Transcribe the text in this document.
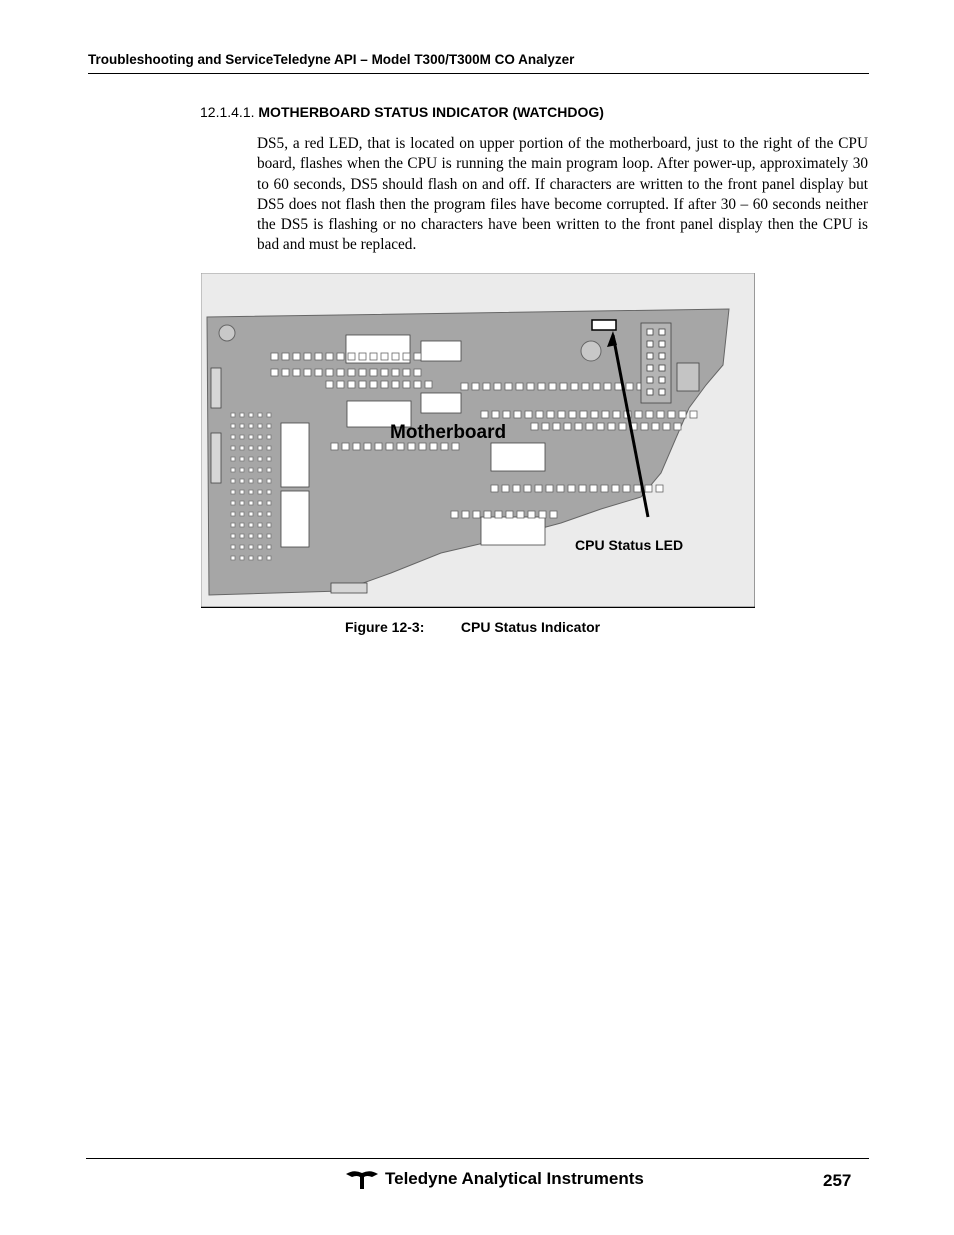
Troubleshooting and ServiceTeledyne API – Model T300/T300M CO Analyzer
12.1.4.1. MOTHERBOARD STATUS INDICATOR (WATCHDOG)
DS5, a red LED, that is located on upper portion of the motherboard, just to the right of the CPU board, flashes when the CPU is running the main program loop. After power-up, approximately 30 to 60 seconds, DS5 should flash on and off. If characters are written to the front panel display but DS5 does not flash then the program files have become corrupted. If after 30 – 60 seconds neither the DS5 is flashing or no characters have been written to the front panel display then the CPU is bad and must be replaced.
Motherboard
CPU Status LED
Figure 12-3:	CPU Status Indicator
Teledyne Analytical Instruments	257
